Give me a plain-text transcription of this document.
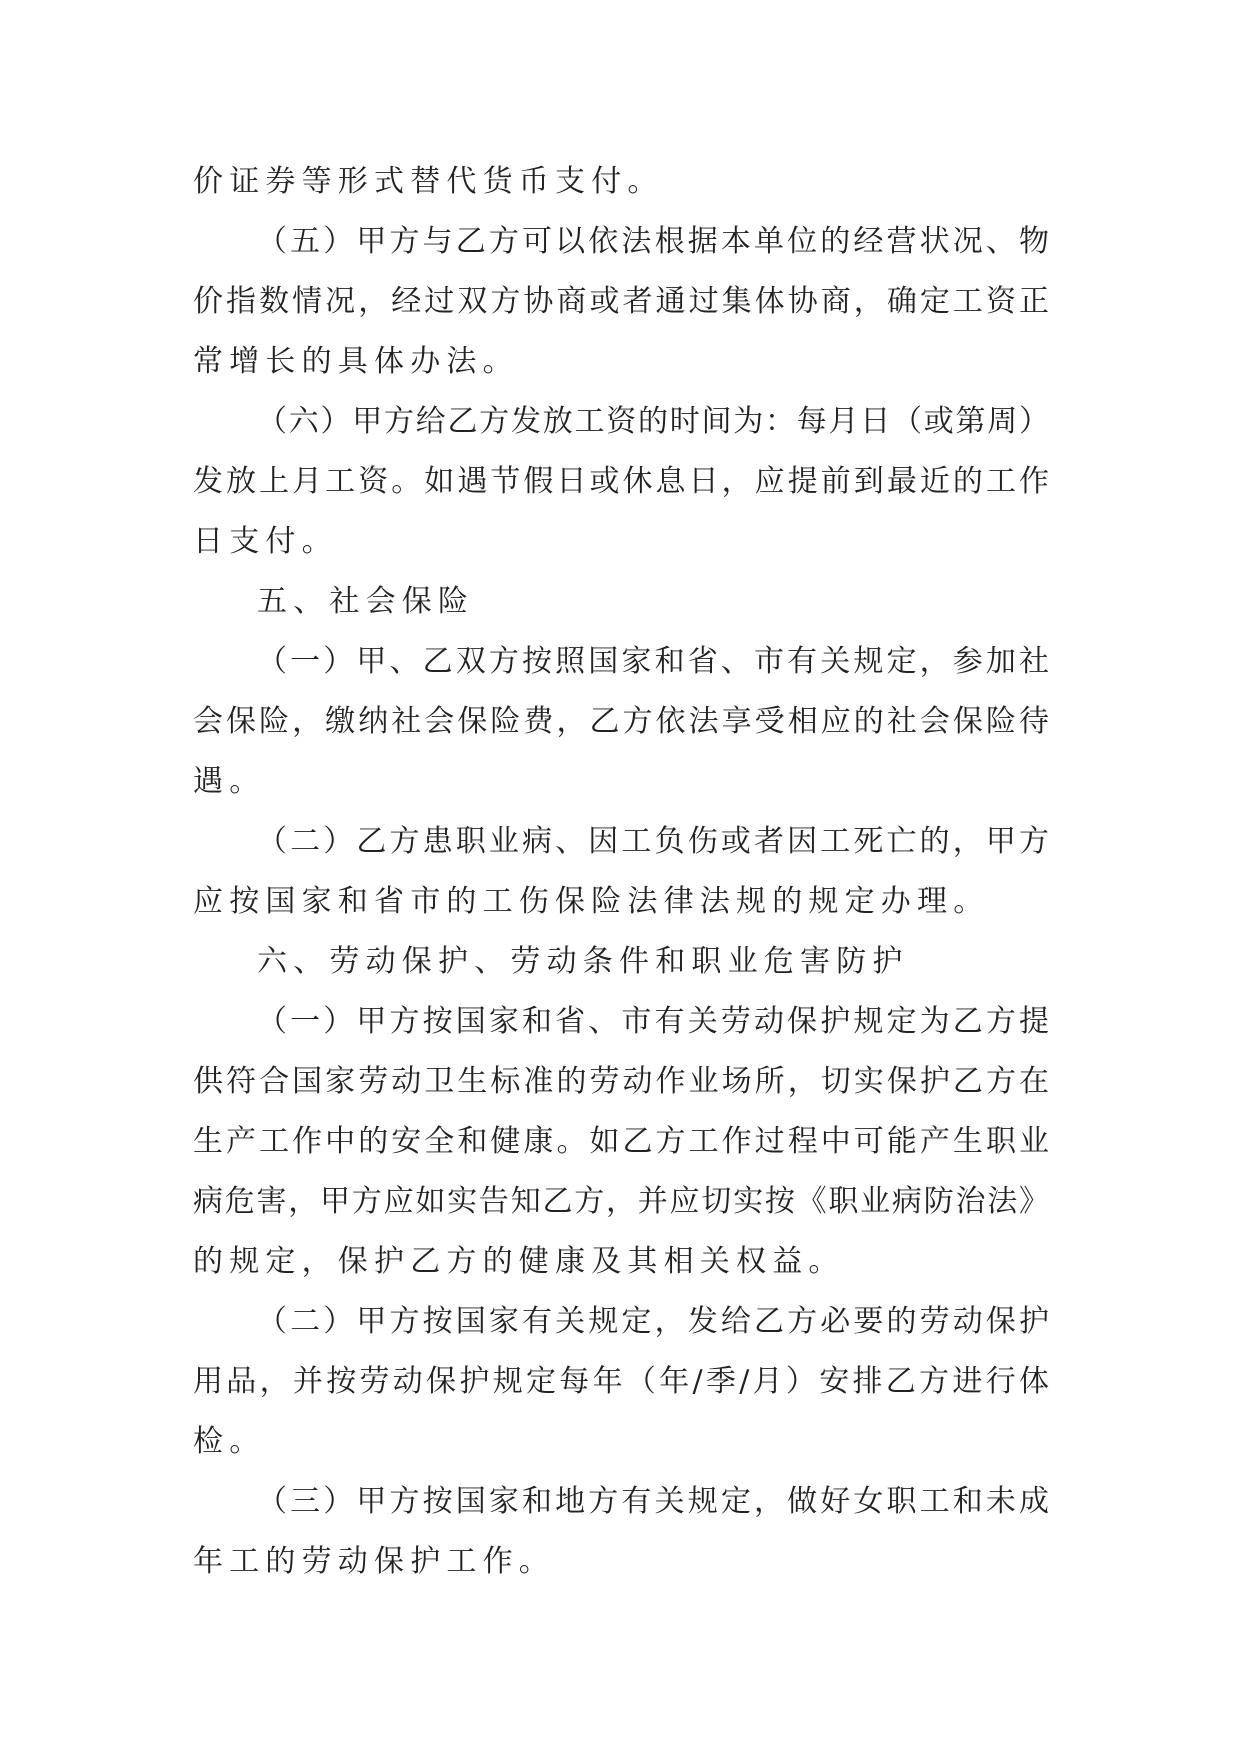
价证券等形式替代货币支付。
（五）甲方与乙方可以依法根据本单位的经营状况、物
价指数情况，经过双方协商或者通过集体协商，确定工资正
常增长的具体办法。
（六）甲方给乙方发放工资的时间为：每月日（或第周）
发放上月工资。如遇节假日或休息日，应提前到最近的工作
日支付。
五、社会保险
（一）甲、乙双方按照国家和省、市有关规定，参加社
会保险，缴纳社会保险费，乙方依法享受相应的社会保险待
遇。
（二）乙方患职业病、因工负伤或者因工死亡的，甲方
应按国家和省市的工伤保险法律法规的规定办理。
六、劳动保护、劳动条件和职业危害防护
（一）甲方按国家和省、市有关劳动保护规定为乙方提
供符合国家劳动卫生标准的劳动作业场所，切实保护乙方在
生产工作中的安全和健康。如乙方工作过程中可能产生职业
病危害，甲方应如实告知乙方，并应切实按《职业病防治法》
的规定，保护乙方的健康及其相关权益。
（二）甲方按国家有关规定，发给乙方必要的劳动保护
用品，并按劳动保护规定每年（年/季/月）安排乙方进行体
检。
（三）甲方按国家和地方有关规定，做好女职工和未成
年工的劳动保护工作。
